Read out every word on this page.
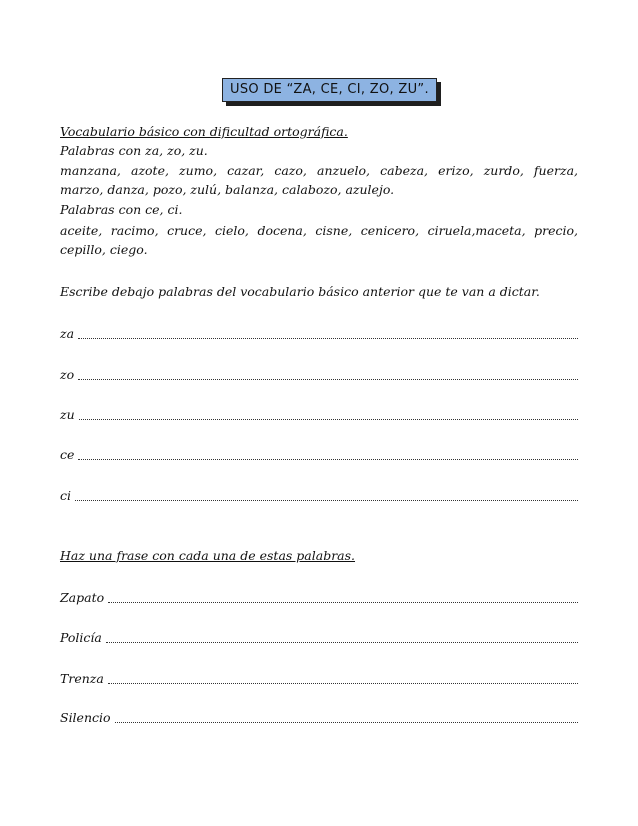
USO DE “ZA, CE, CI, ZO, ZU”.
Vocabulario básico con dificultad ortográfica.
Palabras con za, zo, zu.
manzana, azote, zumo, cazar, cazo, anzuelo, cabeza, erizo, zurdo, fuerza,
marzo, danza, pozo, zulú, balanza, calabozo, azulejo.
Palabras con ce, ci.
aceite, racimo, cruce, cielo, docena, cisne, cenicero, ciruela,maceta, precio,
cepillo, ciego.
Escribe debajo palabras del vocabulario básico anterior que te van a dictar.
za
zo
zu
ce
ci
Haz una frase con cada una de estas palabras.
Zapato
Policía
Trenza
Silencio
